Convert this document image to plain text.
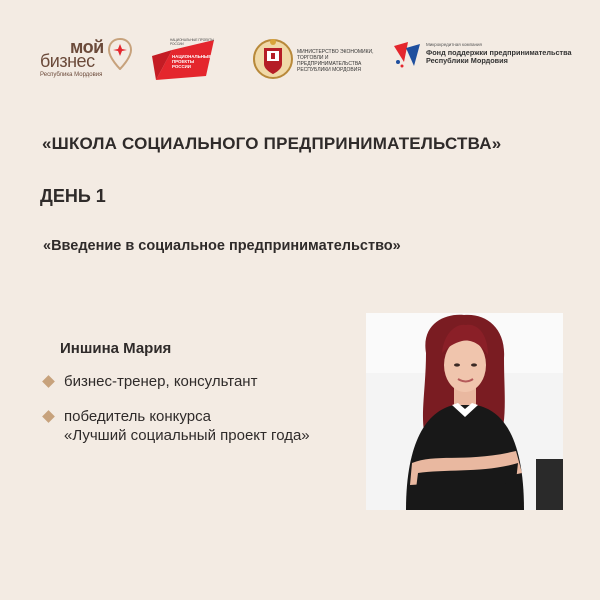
мой
бизнес
Республика Мордовия
НАЦИОНАЛЬНЫЕ ПРОЕКТЫ РОССИИ
НАЦИОНАЛЬНЫЕ ПРОЕКТЫ РОССИИ
МИНИСТЕРСТВО ЭКОНОМИКИ, ТОРГОВЛИ И ПРЕДПРИНИМАТЕЛЬСТВА РЕСПУБЛИКИ МОРДОВИЯ
Микрокредитная компания
Фонд поддержки предпринимательства
Республики Мордовия
«ШКОЛА СОЦИАЛЬНОГО ПРЕДПРИНИМАТЕЛЬСТВА»
ДЕНЬ 1
«Введение в социальное предпринимательство»
Иншина Мария
бизнес-тренер, консультант
победитель конкурса
«Лучший социальный проект года»
